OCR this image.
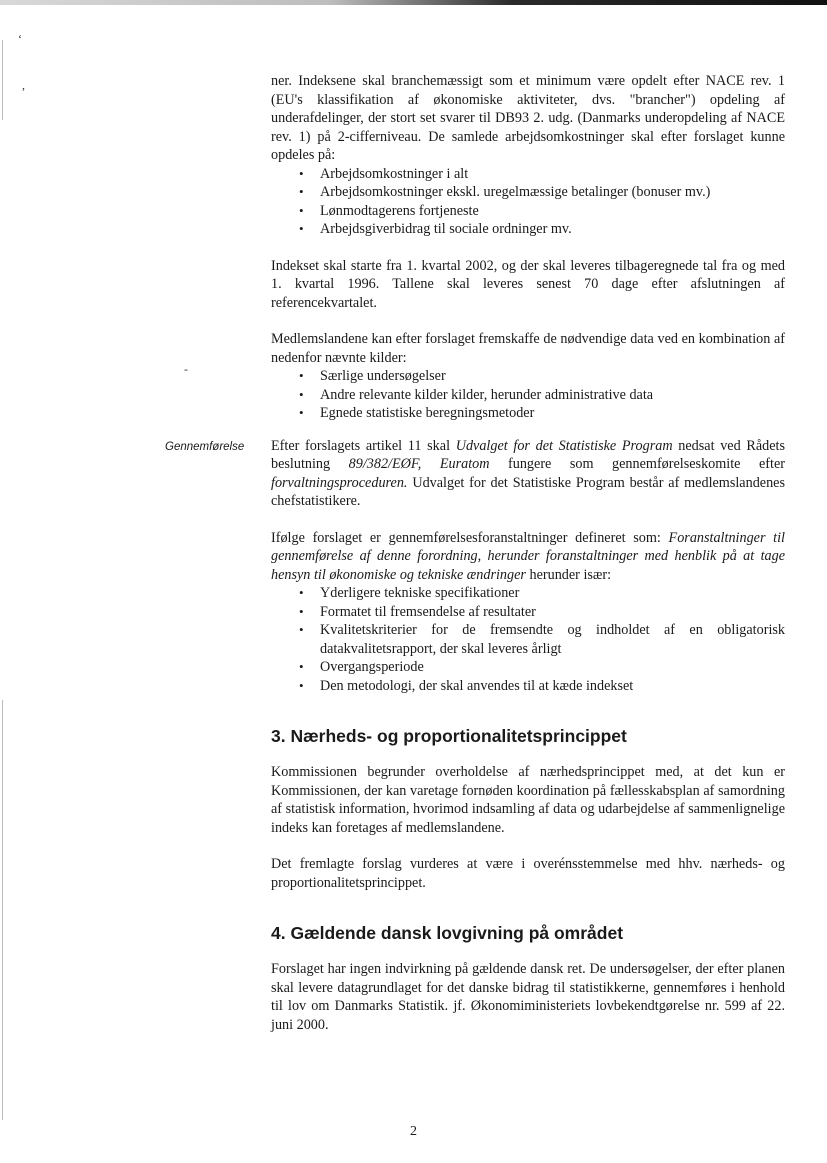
‘
,
-
Gennemførelse

ner. Indeksene skal branchemæssigt som et minimum være opdelt efter NACE rev. 1 (EU's klassifikation af økonomiske aktiviteter, dvs. "brancher") opdeling af underafdelinger, der stort set svarer til DB93 2. udg. (Danmarks underopdeling af NACE rev. 1) på 2-cifferniveau. De samlede arbejdsomkostninger skal efter forslaget kunne opdeles på:

• Arbejdsomkostninger i alt
• Arbejdsomkostninger ekskl. uregelmæssige betalinger (bonuser mv.)
• Lønmodtagerens fortjeneste
• Arbejdsgiverbidrag til sociale ordninger mv.

Indekset skal starte fra 1. kvartal 2002, og der skal leveres tilbageregnede tal fra og med 1. kvartal 1996. Tallene skal leveres senest 70 dage efter afslutningen af referencekvartalet.

Medlemslandene kan efter forslaget fremskaffe de nødvendige data ved en kombination af nedenfor nævnte kilder:

• Særlige undersøgelser
• Andre relevante kilder kilder, herunder administrative data
• Egnede statistiske beregningsmetoder

Efter forslagets artikel 11 skal Udvalget for det Statistiske Program nedsat ved Rådets beslutning 89/382/EØF, Euratom fungere som gennemførelseskomite efter forvaltningsproceduren. Udvalget for det Statistiske Program består af medlemslandenes chefstatistikere.

Ifølge forslaget er gennemførelsesforanstaltninger defineret som: Foranstaltninger til gennemførelse af denne forordning, herunder foranstaltninger med henblik på at tage hensyn til økonomiske og tekniske ændringer herunder især:

• Yderligere tekniske specifikationer
• Formatet til fremsendelse af resultater
• Kvalitetskriterier for de fremsendte og indholdet af en obligatorisk datakvalitetsrapport, der skal leveres årligt
• Overgangsperiode
• Den metodologi, der skal anvendes til at kæde indekset
3. Nærheds- og proportionalitetsprincippet

Kommissionen begrunder overholdelse af nærhedsprincippet med, at det kun er Kommissionen, der kan varetage fornøden koordination på fællesskabsplan af samordning af statistisk information, hvorimod indsamling af data og udarbejdelse af sammenlignelige indeks kan foretages af medlemslandene.

Det fremlagte forslag vurderes at være i overénsstemmelse med hhv. nærheds- og proportionalitetsprincippet.

4. Gældende dansk lovgivning på området

Forslaget har ingen indvirkning på gældende dansk ret. De undersøgelser, der efter planen skal levere datagrundlaget for det danske bidrag til statistikkerne, gennemføres i henhold til lov om Danmarks Statistik. jf. Økonomiministeriets lovbekendtgørelse nr. 599 af 22. juni 2000.

2
